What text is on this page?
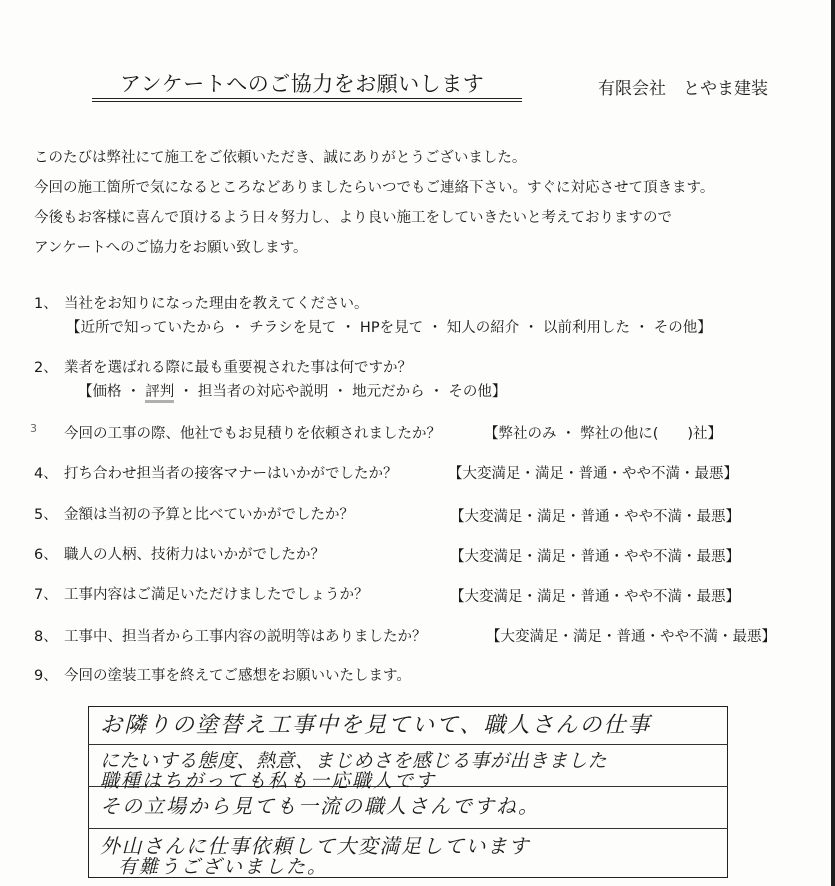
アンケートへのご協力をお願いします	有限会社　とやま建装
このたびは弊社にて施工をご依頼いただき、誠にありがとうございました。
今回の施工箇所で気になるところなどありましたらいつでもご連絡下さい。すぐに対応させて頂きます。
今後もお客様に喜んで頂けるよう日々努力し、より良い施工をしていきたいと考えておりますので
アンケートへのご協力をお願い致します。
1、 当社をお知りになった理由を教えてください。
【近所で知っていたから ・ チラシを見て ・ HPを見て ・ 知人の紹介 ・ 以前利用した ・ その他】
2、 業者を選ばれる際に最も重要視された事は何ですか？
【価格 ・ 評判 ・ 担当者の対応や説明 ・ 地元だから ・ その他】
3 今回の工事の際、他社でもお見積りを依頼されましたか？	【弊社のみ ・ 弊社の他に(　　)社】
4、 打ち合わせ担当者の接客マナーはいかがでしたか？	【大変満足・満足・普通・やや不満・最悪】
5、 金額は当初の予算と比べていかがでしたか？	【大変満足・満足・普通・やや不満・最悪】
6、 職人の人柄、技術力はいかがでしたか？	【大変満足・満足・普通・やや不満・最悪】
7、 工事内容はご満足いただけましたでしょうか？	【大変満足・満足・普通・やや不満・最悪】
8、 工事中、担当者から工事内容の説明等はありましたか？	【大変満足・満足・普通・やや不満・最悪】
9、 今回の塗装工事を終えてご感想をお願いいたします。
お隣りの塗替え工事中を見ていて、職人さんの仕事
にたいする態度、熱意、まじめさを感じる事が出きました
職種はちがっても私も一応職人です
その立場から見ても一流の職人さんですね。
外山さんに仕事依頼して大変満足しています
有難うございました。
